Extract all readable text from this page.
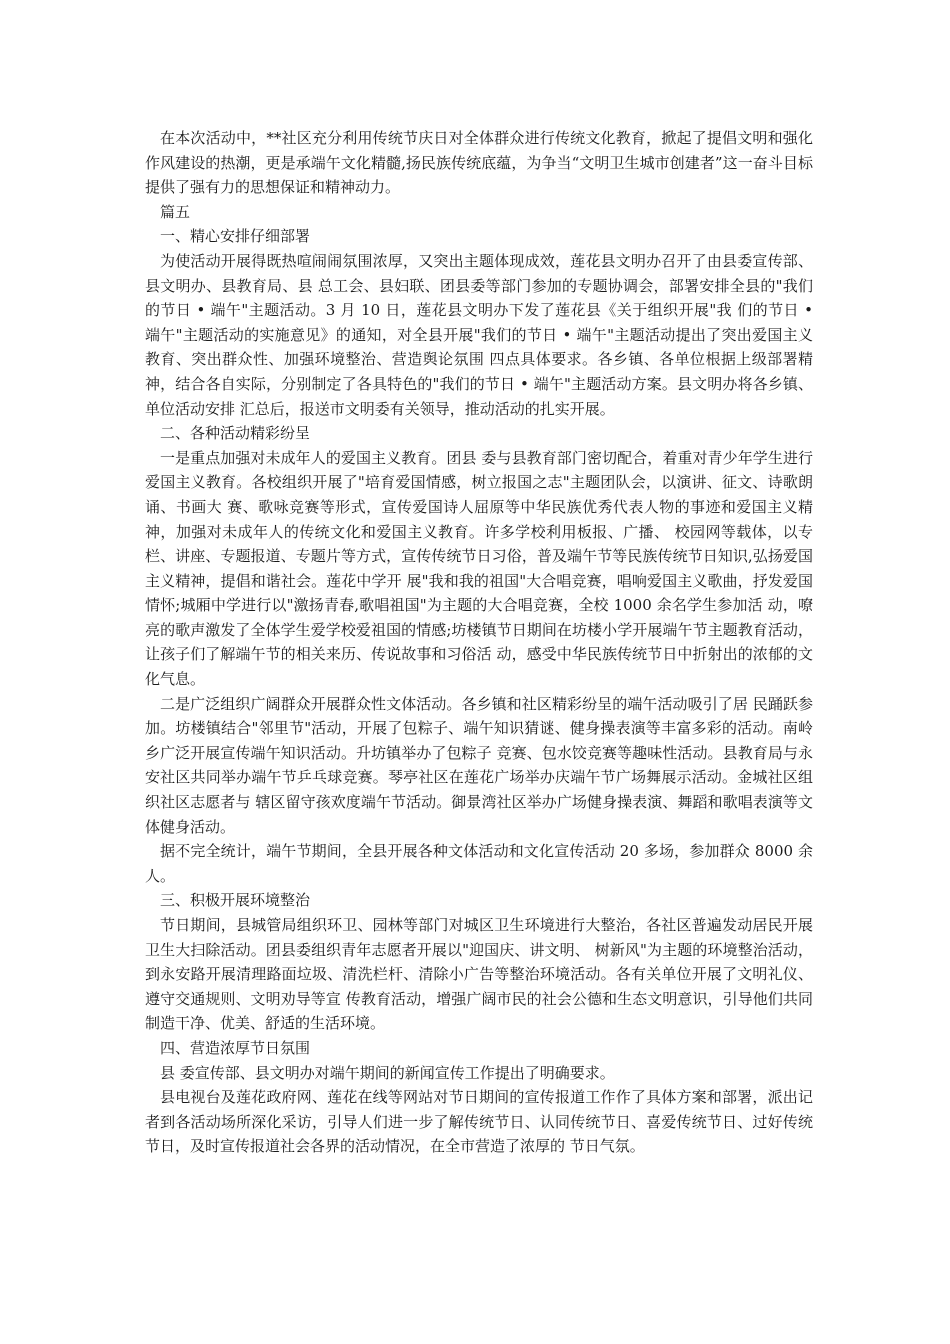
在本次活动中，**社区充分利用传统节庆日对全体群众进行传统文化教育，掀起了提倡文明和强化作风建设的热潮，更是承端午文化精髓,扬民族传统底蕴，为争当“文明卫生城市创建者”这一奋斗目标提供了强有力的思想保证和精神动力。

篇五

一、精心安排仔细部署

为使活动开展得既热喧闹闹氛围浓厚，又突出主题体现成效，莲花县文明办召开了由县委宣传部、县文明办、县教育局、县 总工会、县妇联、团县委等部门参加的专题协调会，部署安排全县的"我们的节日 • 端午"主题活动。3 月 10 日，莲花县文明办下发了莲花县《关于组织开展"我 们的节日 • 端午"主题活动的实施意见》的通知，对全县开展"我们的节日 • 端午"主题活动提出了突出爱国主义教育、突出群众性、加强环境整治、营造舆论氛围 四点具体要求。各乡镇、各单位根据上级部署精神，结合各自实际，分别制定了各具特色的"我们的节日 • 端午"主题活动方案。县文明办将各乡镇、单位活动安排 汇总后，报送市文明委有关领导，推动活动的扎实开展。

二、各种活动精彩纷呈

一是重点加强对未成年人的爱国主义教育。团县 委与县教育部门密切配合，着重对青少年学生进行爱国主义教育。各校组织开展了"培育爱国情感，树立报国之志"主题团队会，以演讲、征文、诗歌朗诵、书画大 赛、歌咏竞赛等形式，宣传爱国诗人屈原等中华民族优秀代表人物的事迹和爱国主义精神，加强对未成年人的传统文化和爱国主义教育。许多学校利用板报、广播、 校园网等载体，以专栏、讲座、专题报道、专题片等方式，宣传传统节日习俗，普及端午节等民族传统节日知识,弘扬爱国主义精神，提倡和谐社会。莲花中学开 展"我和我的祖国"大合唱竞赛，唱响爱国主义歌曲，抒发爱国情怀;城厢中学进行以"激扬青春,歌唱祖国"为主题的大合唱竞赛，全校 1000 余名学生参加活 动，嘹亮的歌声激发了全体学生爱学校爱祖国的情感;坊楼镇节日期间在坊楼小学开展端午节主题教育活动，让孩子们了解端午节的相关来历、传说故事和习俗活 动，感受中华民族传统节日中折射出的浓郁的文化气息。

二是广泛组织广阔群众开展群众性文体活动。各乡镇和社区精彩纷呈的端午活动吸引了居 民踊跃参加。坊楼镇结合"邻里节"活动，开展了包粽子、端午知识猜谜、健身操表演等丰富多彩的活动。南岭乡广泛开展宣传端午知识活动。升坊镇举办了包粽子 竞赛、包水饺竞赛等趣味性活动。县教育局与永安社区共同举办端午节乒乓球竞赛。琴亭社区在莲花广场举办庆端午节广场舞展示活动。金城社区组织社区志愿者与 辖区留守孩欢度端午节活动。御景湾社区举办广场健身操表演、舞蹈和歌唱表演等文体健身活动。

据不完全统计，端午节期间，全县开展各种文体活动和文化宣传活动 20 多场，参加群众 8000 余人。

三、积极开展环境整治

节日期间，县城管局组织环卫、园林等部门对城区卫生环境进行大整治，各社区普遍发动居民开展卫生大扫除活动。团县委组织青年志愿者开展以"迎国庆、讲文明、 树新风"为主题的环境整治活动，到永安路开展清理路面垃圾、清洗栏杆、清除小广告等整治环境活动。各有关单位开展了文明礼仪、遵守交通规则、文明劝导等宣 传教育活动，增强广阔市民的社会公德和生态文明意识，引导他们共同制造干净、优美、舒适的生活环境。

四、营造浓厚节日氛围

县 委宣传部、县文明办对端午期间的新闻宣传工作提出了明确要求。

县电视台及莲花政府网、莲花在线等网站对节日期间的宣传报道工作作了具体方案和部署，派出记 者到各活动场所深化采访，引导人们进一步了解传统节日、认同传统节日、喜爱传统节日、过好传统节日，及时宣传报道社会各界的活动情况，在全市营造了浓厚的 节日气氛。
